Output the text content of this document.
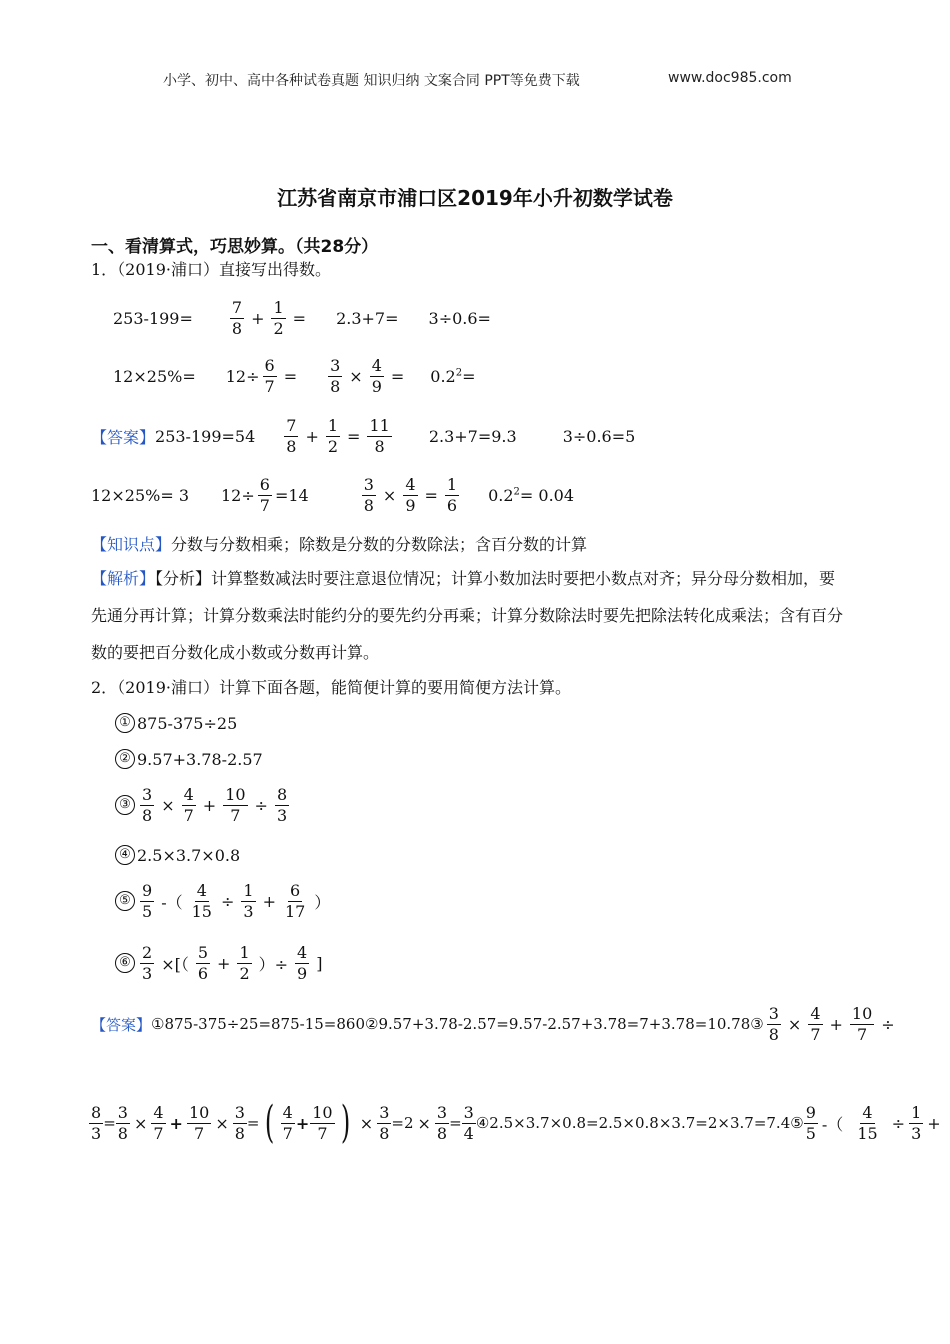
小学、初中、高中各种试卷真题 知识归纳 文案合同 PPT等免费下载	www.doc985.com
江苏省南京市浦口区2019年小升初数学试卷
一、看清算式，巧思妙算。（共28分）
1．（2019·浦口）直接写出得数。
$253-199= \frac{7}{8} + \frac{1}{2} = 2.3+7= 3\div 0.6=$
$12\times 25\%= 12\div \frac{6}{7} = \frac{3}{8} \times \frac{4}{9} = 0.2^2=$
【答案】 $253-199=54 \frac{7}{8} + \frac{1}{2} = \frac{11}{8} 2.3+7=9.3$	3÷0.6=5
12×25%= 3 $12\div \frac{6}{7} =14$	$\frac{3}{8} \times \frac{4}{9} = \frac{1}{6} 0.2^2= 0.04$
【知识点】分数与分数相乘；除数是分数的分数除法；含百分数的计算
【解析】【分析】计算整数减法时要注意退位情况；计算小数加法时要把小数点对齐；异分母分数相加，要先通分再计算；计算分数乘法时能约分的要先约分再乘；计算分数除法时要先把除法转化成乘法；含有百分数的要把百分数化成小数或分数再计算。
2．（2019·浦口）计算下面各题，能简便计算的要用简便方法计算。
① 875-375÷25
② 9.57+3.78-2.57
③ $\frac{3}{8} \times \frac{4}{7} + \frac{10}{7} \div \frac{8}{3}$
④ 2.5×3.7×0.8
⑤ $\frac{9}{5}$ -（ $\frac{4}{15} \div \frac{1}{3} + \frac{6}{17}$ ）
⑥ $\frac{2}{3}$ ×[（ $\frac{5}{6} + \frac{1}{2}$ ）÷ $\frac{4}{9}$ ]
【答案】 ①875-375÷25=875-15=860 ②9.57+3.78-2.57=9.57-2.57+3.78=7+3.78=10.78 ③ $\frac{3}{8} \times \frac{4}{7} + \frac{10}{7}$ ÷
$\frac{8}{3} = \frac{3}{8} \times \frac{4}{7} + \frac{10}{7} \times \frac{3}{8}$ = ( $\frac{4}{7} + \frac{10}{7}$ ) × $\frac{3}{8} =2 \times \frac{3}{8} = \frac{3}{4}$ ④2.5×3.7×0.8=2.5×0.8×3.7=2×3.7=7.4 ⑤ $\frac{9}{5}$ -（ $\frac{4}{15} \div \frac{1}{3}$ +
